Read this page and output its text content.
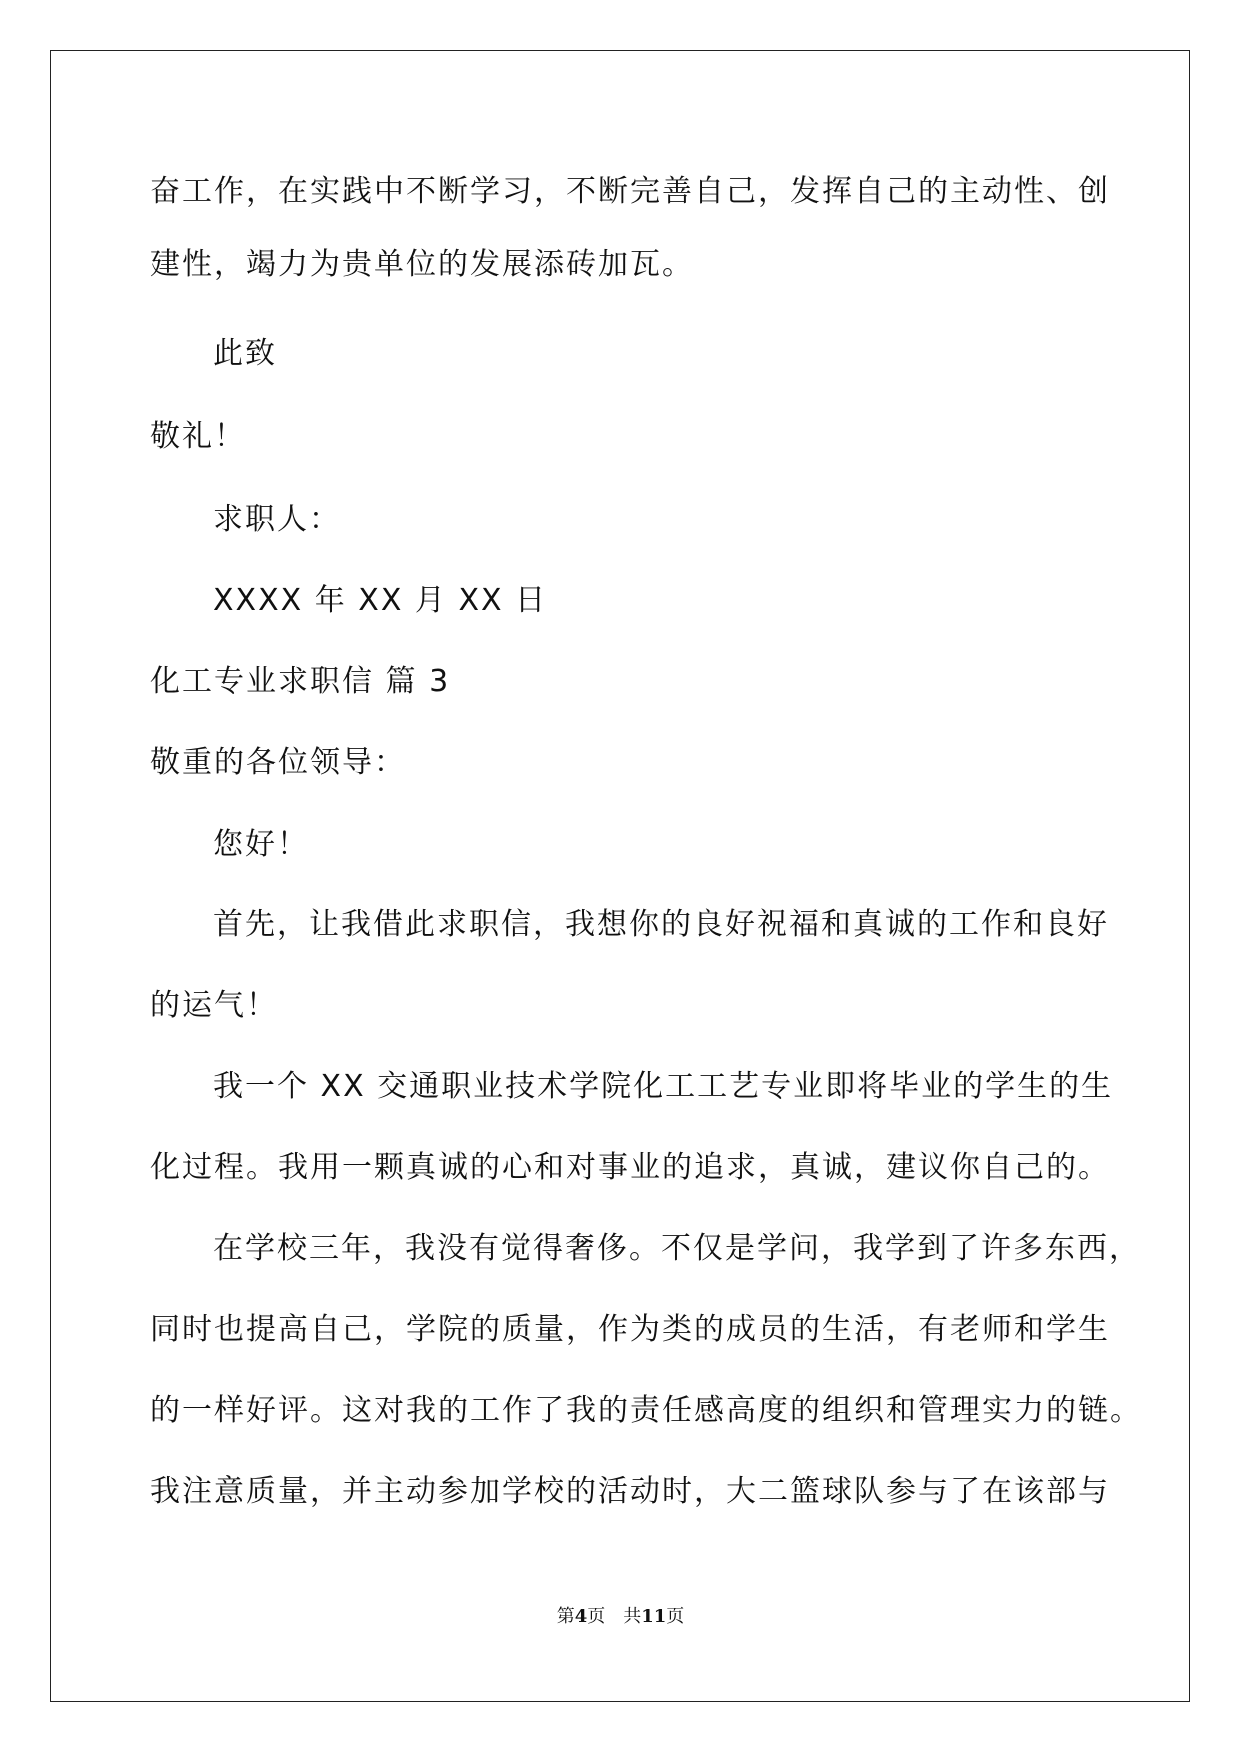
奋工作，在实践中不断学习，不断完善自己，发挥自己的主动性、创
建性，竭力为贵单位的发展添砖加瓦。
此致
敬礼！
求职人：
XXXX 年 XX 月 XX 日
化工专业求职信 篇 3
敬重的各位领导：
您好！
首先，让我借此求职信，我想你的良好祝福和真诚的工作和良好
的运气！
我一个 XX 交通职业技术学院化工工艺专业即将毕业的学生的生
化过程。我用一颗真诚的心和对事业的追求，真诚，建议你自己的。
在学校三年，我没有觉得奢侈。不仅是学问，我学到了许多东西，
同时也提高自己，学院的质量，作为类的成员的生活，有老师和学生
的一样好评。这对我的工作了我的责任感高度的组织和管理实力的链。
我注意质量，并主动参加学校的活动时，大二篮球队参与了在该部与
第4页 共11页
